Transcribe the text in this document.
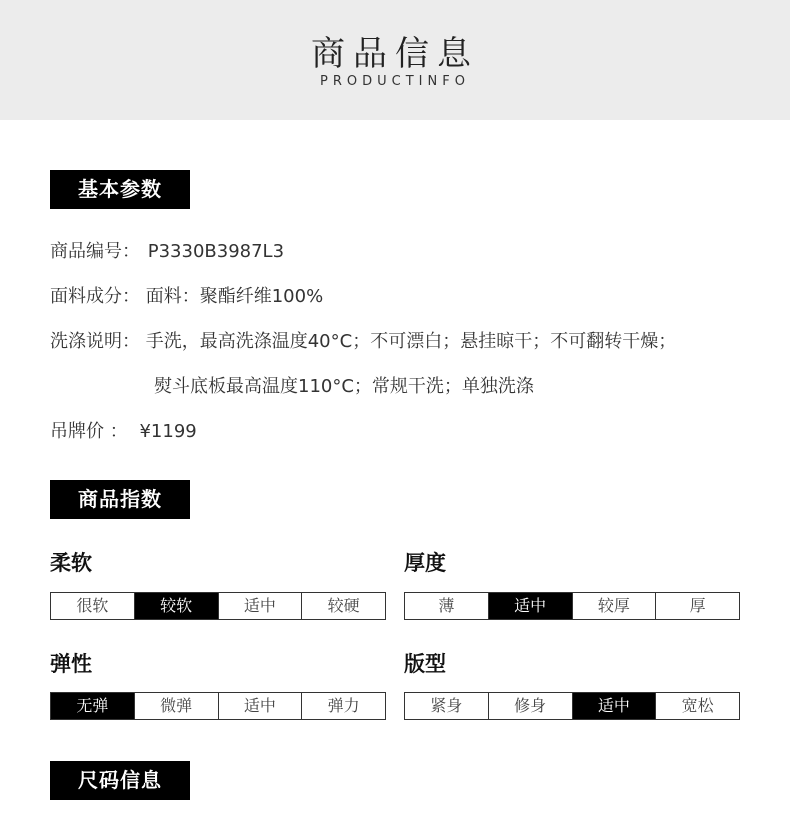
商品信息
PRODUCTINFO
基本参数
商品编号： P3330B3987L3
面料成分： 面料：聚酯纤维100%
洗涤说明： 手洗，最高洗涤温度40°C；不可漂白；悬挂晾干；不可翻转干燥；
熨斗底板最高温度110°C；常规干洗；单独洗涤
吊牌价 ： ¥1199
商品指数
柔软
很软	较软	适中	较硬
厚度
薄	适中	较厚	厚
弹性
无弹	微弹	适中	弹力
版型
紧身	修身	适中	宽松
尺码信息
